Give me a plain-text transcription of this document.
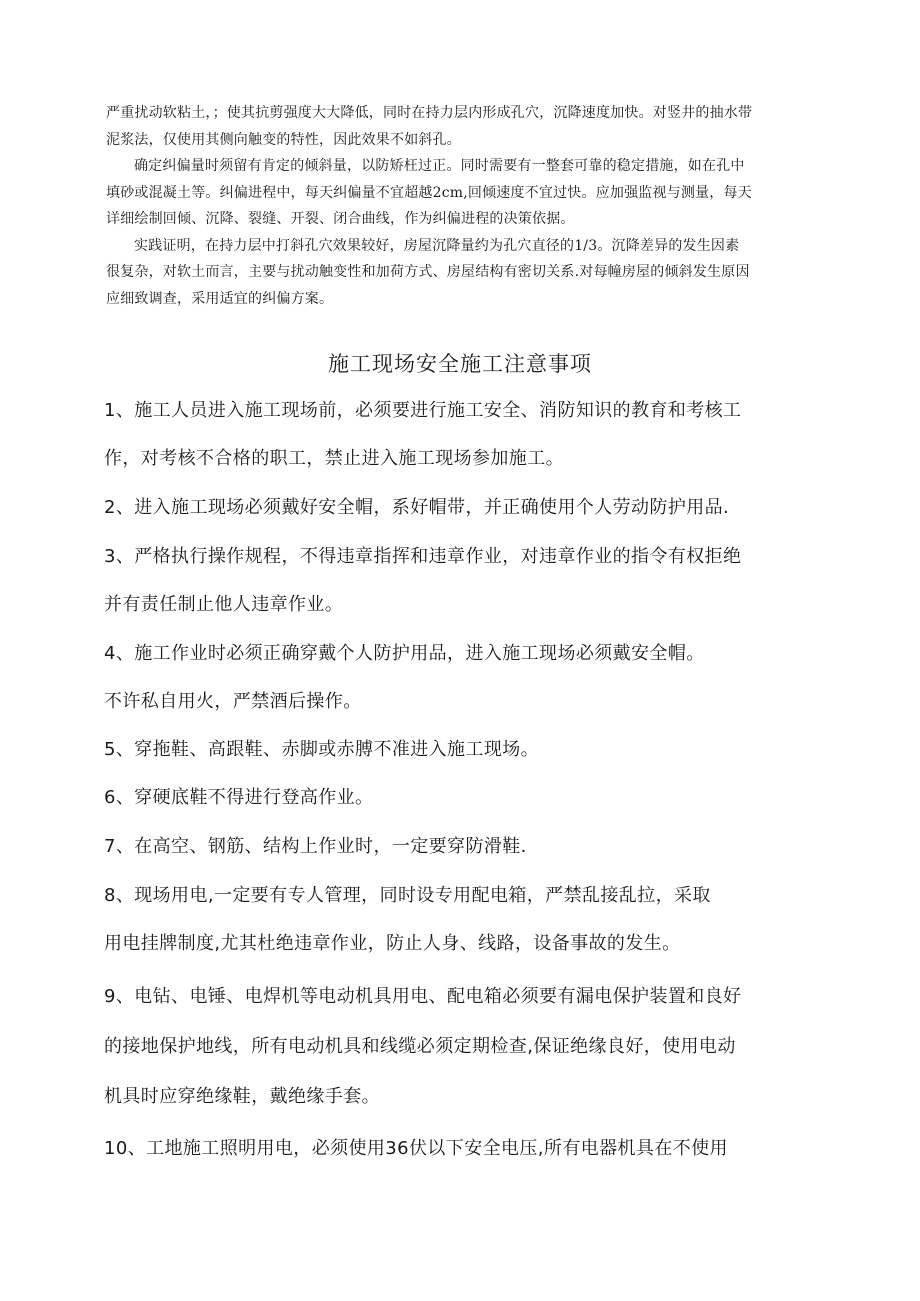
严重扰动软粘土，；使其抗剪强度大大降低，同时在持力层内形成孔穴，沉降速度加快。对竖井的抽水带

泥浆法，仅使用其侧向触变的特性，因此效果不如斜孔。

确定纠偏量时须留有肯定的倾斜量，以防矫枉过正。同时需要有一整套可靠的稳定措施，如在孔中

填砂或混凝土等。纠偏进程中，每天纠偏量不宜超越2cm,回倾速度不宜过快。应加强监视与测量，每天

详细绘制回倾、沉降、裂缝、开裂、闭合曲线，作为纠偏进程的决策依据。

实践证明，在持力层中打斜孔穴效果较好，房屋沉降量约为孔穴直径的1/3。沉降差异的发生因素

很复杂，对软土而言，主要与扰动触变性和加荷方式、房屋结构有密切关系.对每幢房屋的倾斜发生原因

应细致调查，采用适宜的纠偏方案。

施工现场安全施工注意事项
1、施工人员进入施工现场前，必须要进行施工安全、消防知识的教育和考核工
作，对考核不合格的职工，禁止进入施工现场参加施工。
2、进入施工现场必须戴好安全帽，系好帽带，并正确使用个人劳动防护用品.
3、严格执行操作规程，不得违章指挥和违章作业，对违章作业的指令有权拒绝
并有责任制止他人违章作业。
4、施工作业时必须正确穿戴个人防护用品，进入施工现场必须戴安全帽。
不许私自用火，严禁酒后操作。
5、穿拖鞋、高跟鞋、赤脚或赤膊不准进入施工现场。
6、穿硬底鞋不得进行登高作业。
7、在高空、钢筋、结构上作业时，一定要穿防滑鞋.
8、现场用电,一定要有专人管理，同时设专用配电箱，严禁乱接乱拉，采取
用电挂牌制度,尤其杜绝违章作业，防止人身、线路，设备事故的发生。
9、电钻、电锤、电焊机等电动机具用电、配电箱必须要有漏电保护装置和良好
的接地保护地线，所有电动机具和线缆必须定期检查,保证绝缘良好，使用电动
机具时应穿绝缘鞋，戴绝缘手套。
10、工地施工照明用电，必须使用36伏以下安全电压,所有电器机具在不使用
